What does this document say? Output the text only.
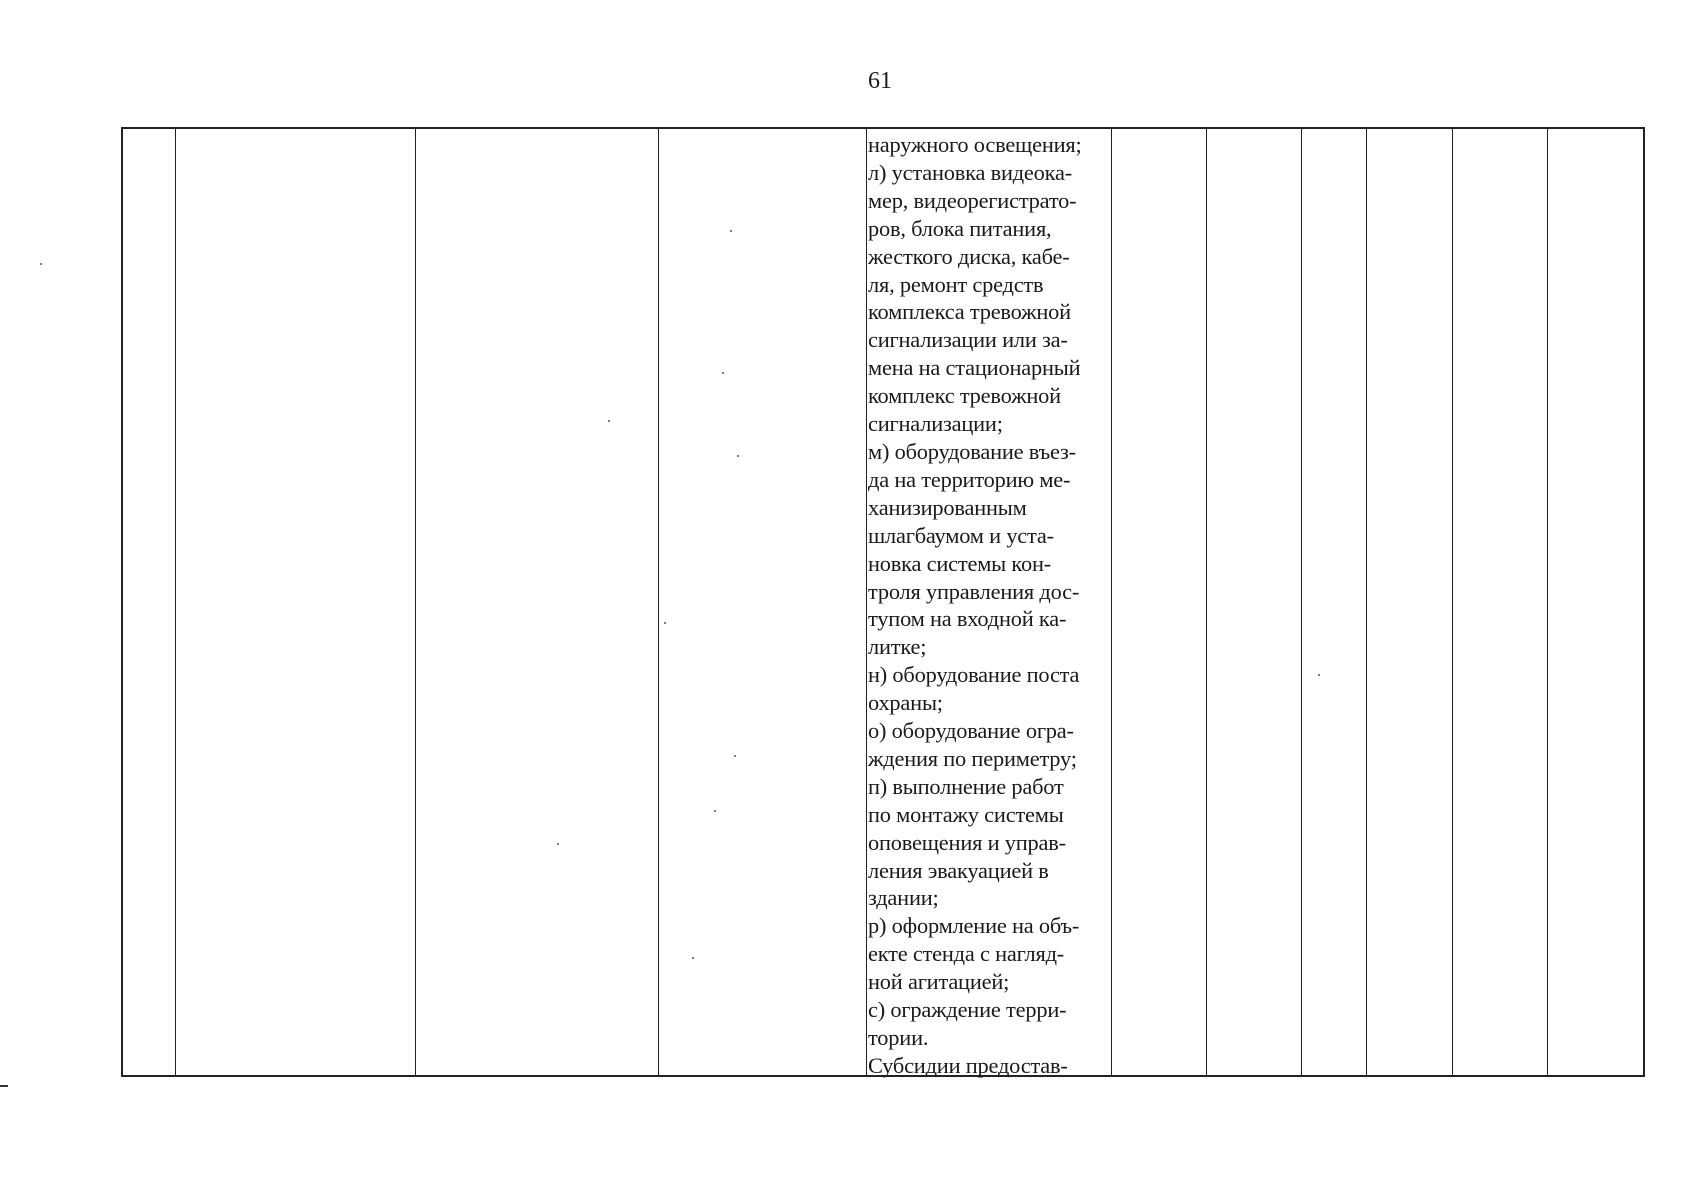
61
наружного освещения;
л) установка видеока-
мер, видеорегистрато-
ров, блока питания,
жесткого диска, кабе-
ля, ремонт средств
комплекса тревожной
сигнализации или за-
мена на стационарный
комплекс тревожной
сигнализации;
м) оборудование въез-
да на территорию ме-
ханизированным
шлагбаумом и уста-
новка системы кон-
троля управления дос-
тупом на входной ка-
литке;
н) оборудование поста
охраны;
о) оборудование огра-
ждения по периметру;
п) выполнение работ
по монтажу системы
оповещения и управ-
ления эвакуацией в
здании;
р) оформление на объ-
екте стенда с нагляд-
ной агитацией;
с) ограждение терри-
тории.
Субсидии предостав-
